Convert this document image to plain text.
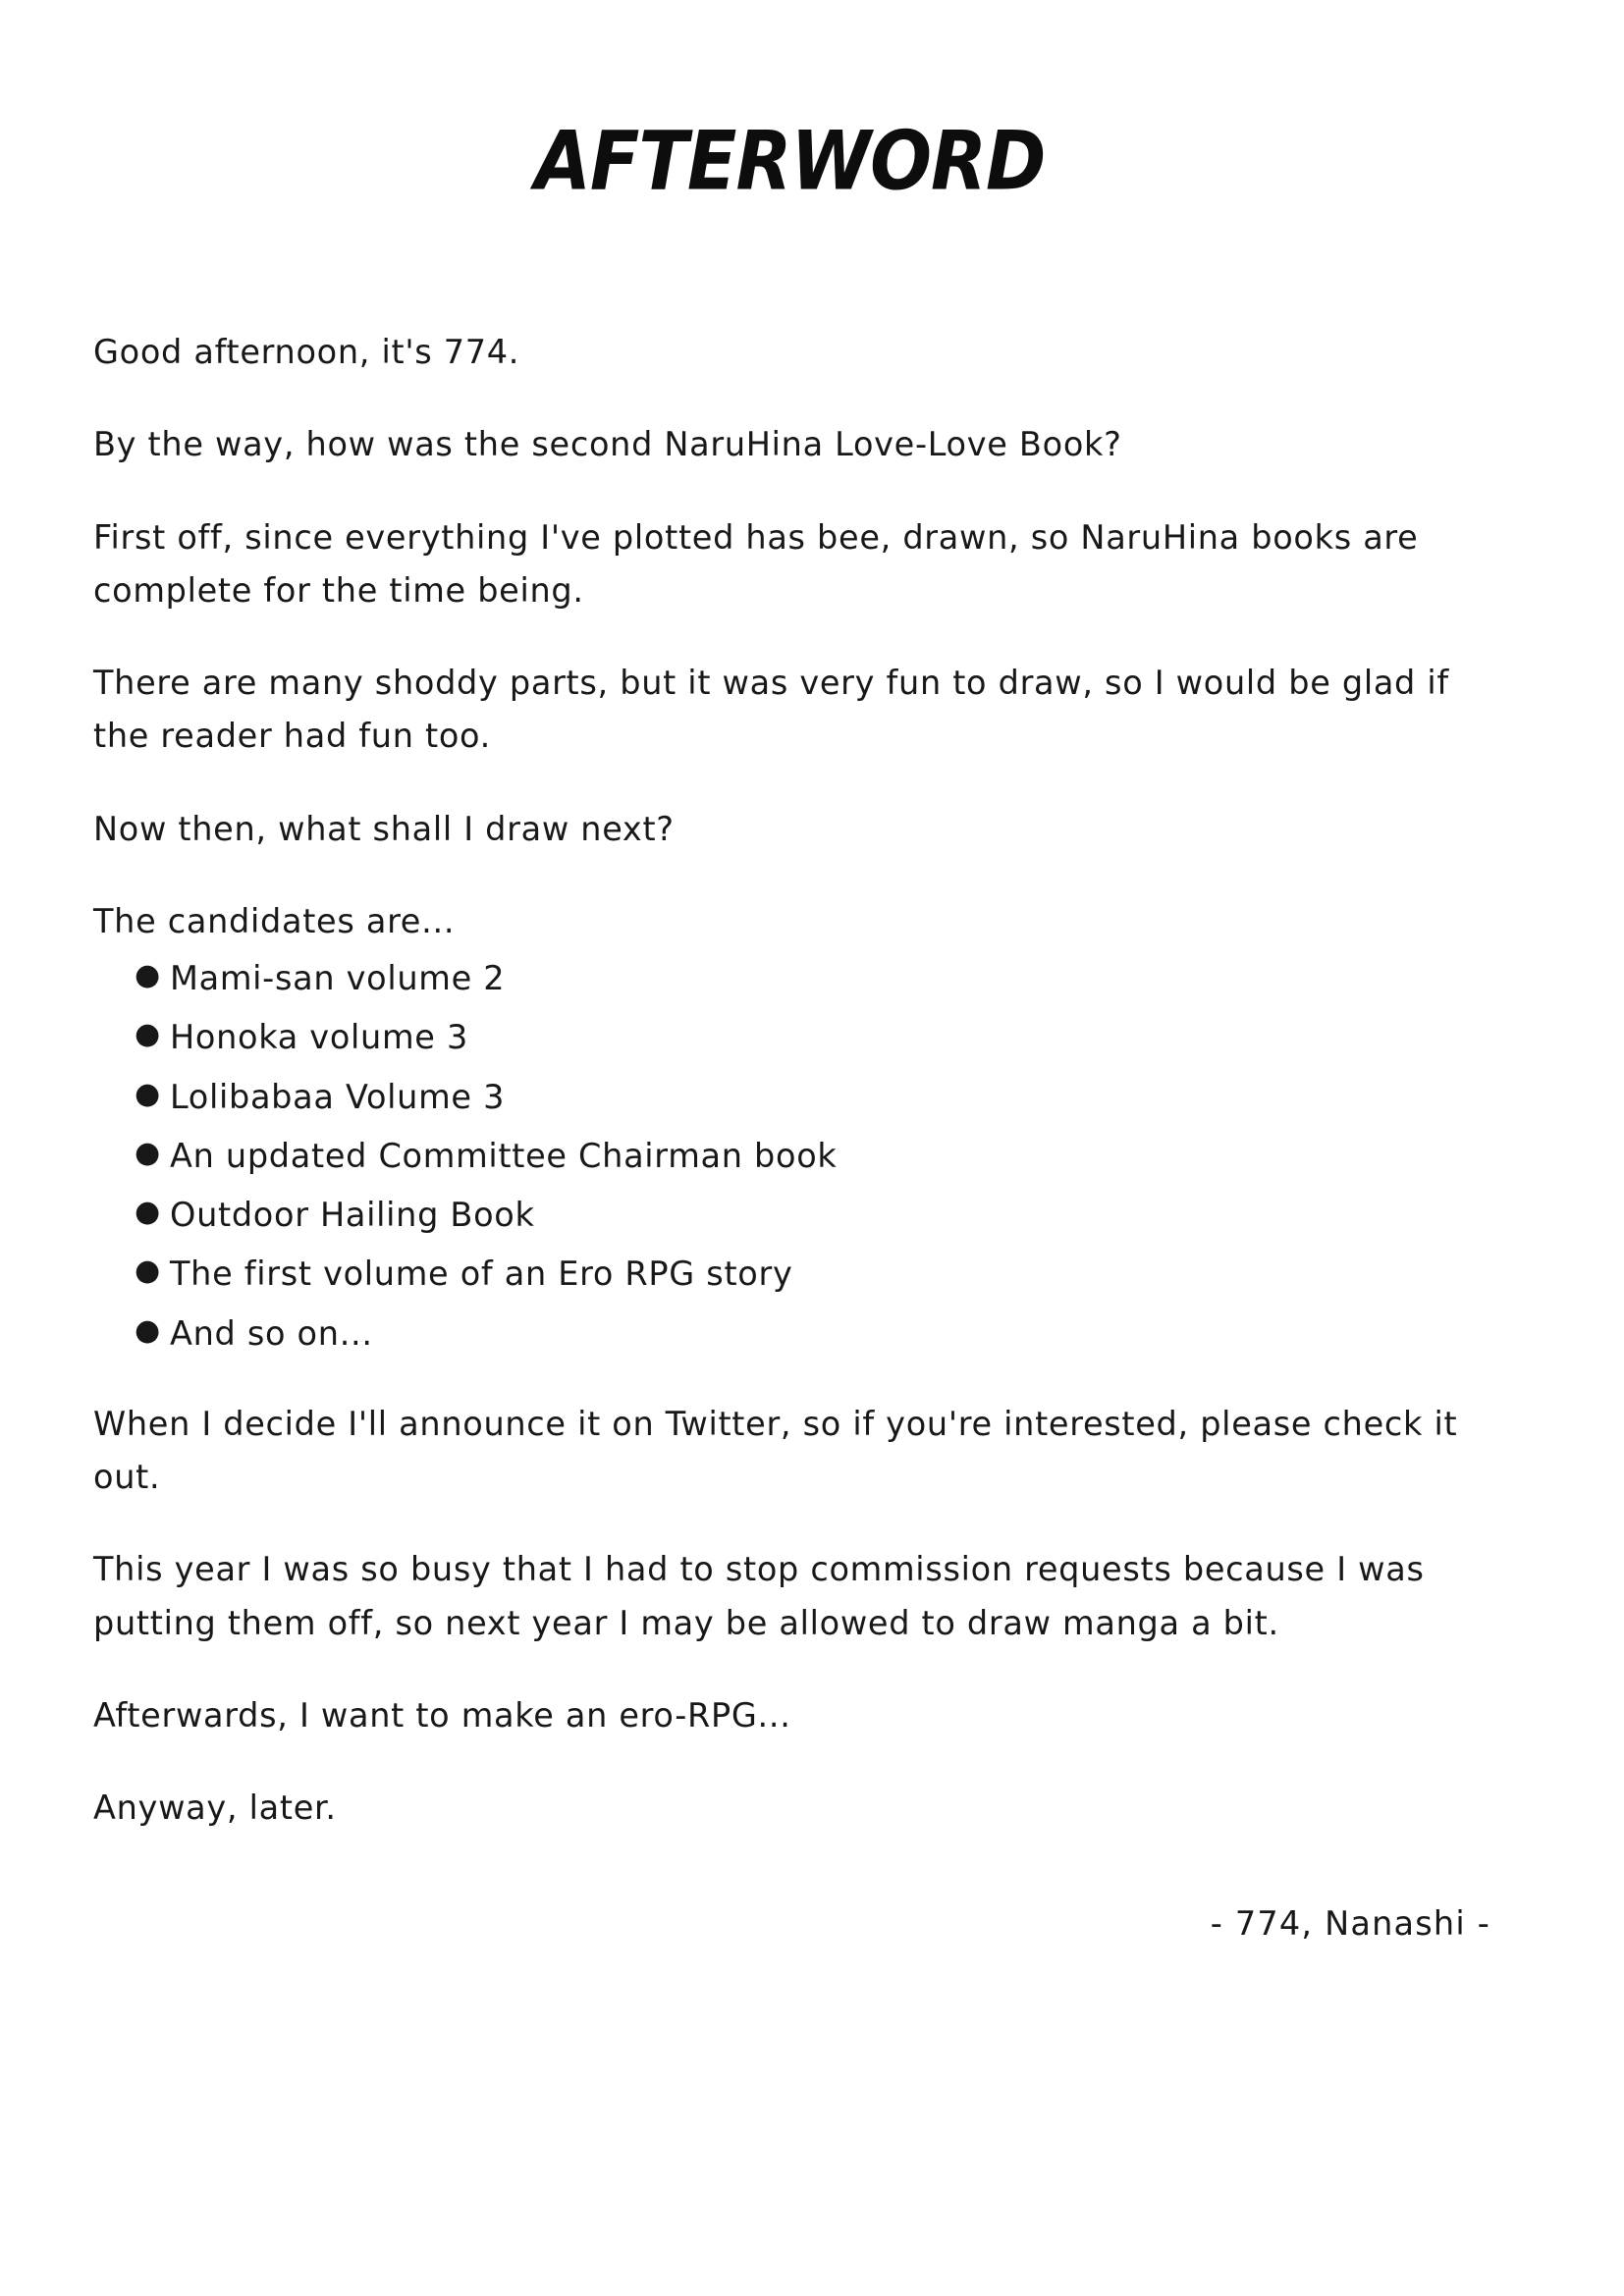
AFTERWORD

Good afternoon, it's 774.

By the way, how was the second NaruHina Love-Love Book?

First off, since everything I've plotted has bee, drawn, so NaruHina books are complete for the time being.

There are many shoddy parts, but it was very fun to draw, so I would be glad if the reader had fun too.

Now then, what shall I draw next?

The candidates are...

● Mami-san volume 2
● Honoka volume 3
● Lolibabaa Volume 3
● An updated Committee Chairman book
● Outdoor Hailing Book
● The first volume of an Ero RPG story
● And so on...

When I decide I'll announce it on Twitter, so if you're interested, please check it out.

This year I was so busy that I had to stop commission requests because I was putting them off, so next year I may be allowed to draw manga a bit.

Afterwards, I want to make an ero-RPG...

Anyway, later.

- 774, Nanashi -
